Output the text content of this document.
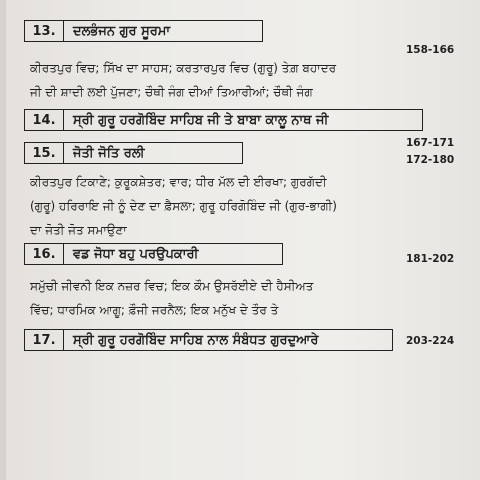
13.	ਦਲਭੰਜਨ ਗੁਰ ਸੂਰਮਾ
158-166
ਕੀਰਤਪੁਰ ਵਿਚ; ਸਿੱਖ ਦਾ ਸਾਹਸ; ਕਰਤਾਰਪੁਰ ਵਿਚ (ਗੁਰੂ) ਤੇਗ਼ ਬਹਾਦਰ
ਜੀ ਦੀ ਸ਼ਾਦੀ ਲਈ ਪੁੱਜਣਾ; ਚੌਥੀ ਜੰਗ ਦੀਆਂ ਤਿਆਰੀਆਂ; ਚੌਥੀ ਜੰਗ
14.	ਸ੍ਰੀ ਗੁਰੂ ਹਰਗੋਬਿੰਦ ਸਾਹਿਬ ਜੀ ਤੇ ਬਾਬਾ ਕਾਲੂ ਨਾਥ ਜੀ
167-171
15.	ਜੋਤੀ ਜੋਤਿ ਰਲੀ	172-180
ਕੀਰਤਪੁਰ ਟਿਕਾਣੇ; ਕੁਰੂਕਸ਼ੇਤਰ; ਵਾਰ; ਧੀਰ ਮੱਲ ਦੀ ਈਰਖਾ; ਗੁਰਗੱਦੀ
(ਗੁਰੂ) ਹਰਿਰਾਇ ਜੀ ਨੂੰ ਦੇਣ ਦਾ ਫ਼ੈਸਲਾ; ਗੁਰੂ ਹਰਿਗੋਬਿੰਦ ਜੀ (ਗੁਰ-ਭਾਗੀ)
ਦਾ ਜੋਤੀ ਜੋਤ ਸਮਾਉਣਾ
16.	ਵਡ ਜੋਧਾ ਬਹੁ ਪਰਉਪਕਾਰੀ	181-202
ਸਮੁੱਚੀ ਜੀਵਨੀ ਇਕ ਨਜ਼ਰ ਵਿਚ; ਇਕ ਕੌਮ ਉਸਰੱਈਏ ਦੀ ਹੈਸੀਅਤ
ਵਿੱਚ; ਧਾਰਮਿਕ ਆਗੂ; ਫ਼ੌਜੀ ਜਰਨੈਲ; ਇਕ ਮਨੁੱਖ ਦੇ ਤੌਰ ਤੇ
17.	ਸ੍ਰੀ ਗੁਰੂ ਹਰਗੋਬਿੰਦ ਸਾਹਿਬ ਨਾਲ ਸੰਬੰਧਤ ਗੁਰਦੁਆਰੇ	203-224
